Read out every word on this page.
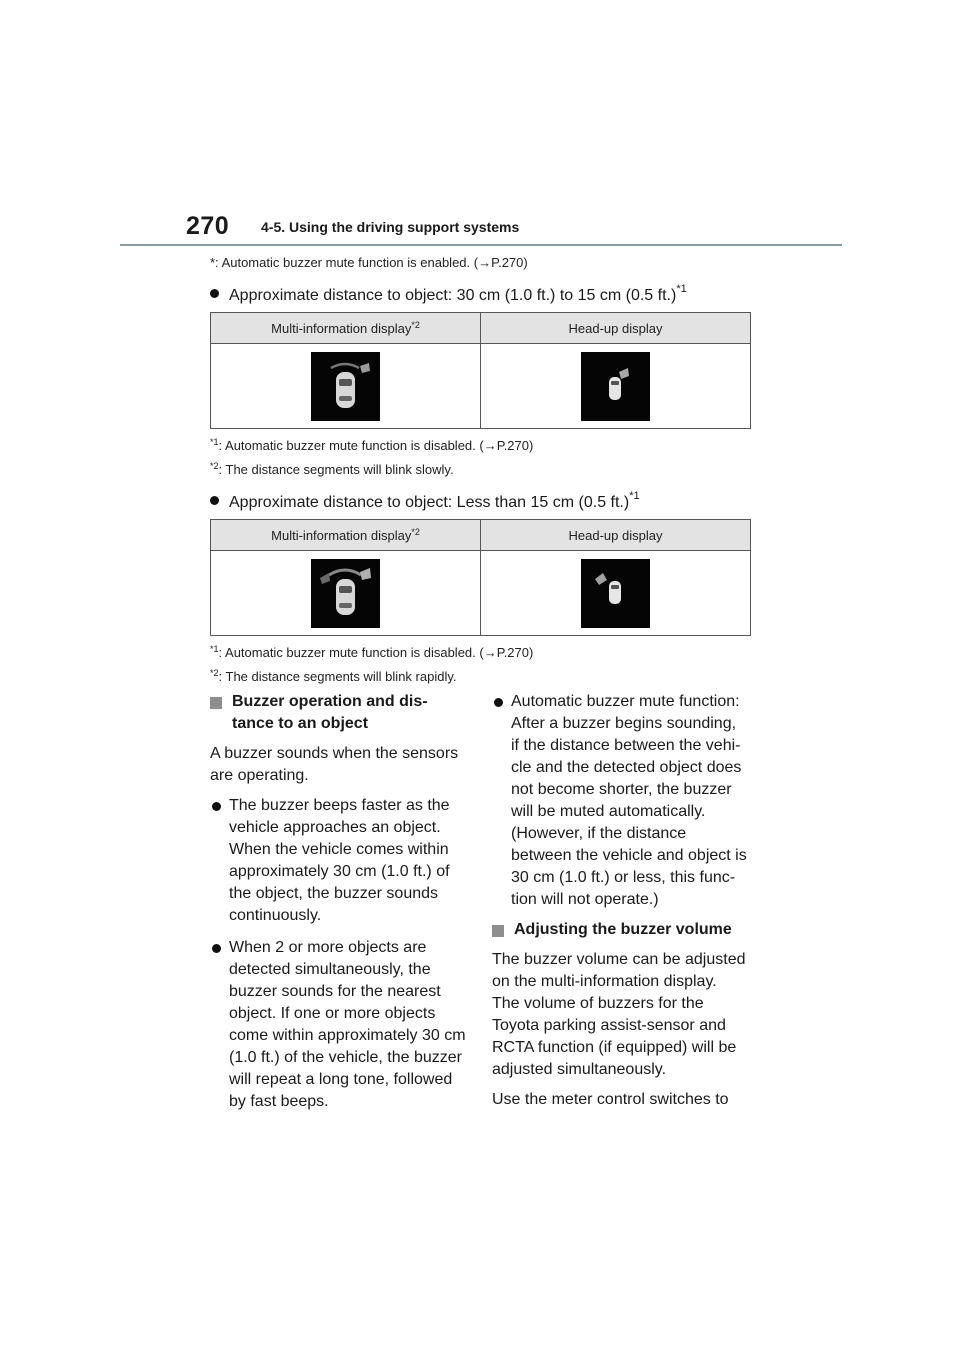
270 4-5. Using the driving support systems
*: Automatic buzzer mute function is enabled. (→P.270)
Approximate distance to object: 30 cm (1.0 ft.) to 15 cm (0.5 ft.)$^{*1}$
Multi-information display$^{*2}$	Head-up display

$^{*1}$: Automatic buzzer mute function is disabled. (→P.270)
$^{*2}$: The distance segments will blink slowly.
Approximate distance to object: Less than 15 cm (0.5 ft.)$^{*1}$
Multi-information display$^{*2}$	Head-up display

$^{*1}$: Automatic buzzer mute function is disabled. (→P.270)
$^{*2}$: The distance segments will blink rapidly.
Buzzer operation and dis-
tance to an object

A buzzer sounds when the sensors are operating.

The buzzer beeps faster as the vehicle approaches an object. When the vehicle comes within approximately 30 cm (1.0 ft.) of the object, the buzzer sounds continuously.
When 2 or more objects are detected simultaneously, the buzzer sounds for the nearest object. If one or more objects come within approximately 30 cm (1.0 ft.) of the vehicle, the buzzer will repeat a long tone, followed by fast beeps.
Automatic buzzer mute function: After a buzzer begins sounding, if the distance between the vehi-cle and the detected object does not become shorter, the buzzer will be muted automatically. (However, if the distance between the vehicle and object is 30 cm (1.0 ft.) or less, this func-tion will not operate.)
Adjusting the buzzer volume

The buzzer volume can be adjusted on the multi-information display. The volume of buzzers for the Toyota parking assist-sensor and RCTA function (if equipped) will be adjusted simultaneously.

Use the meter control switches to
